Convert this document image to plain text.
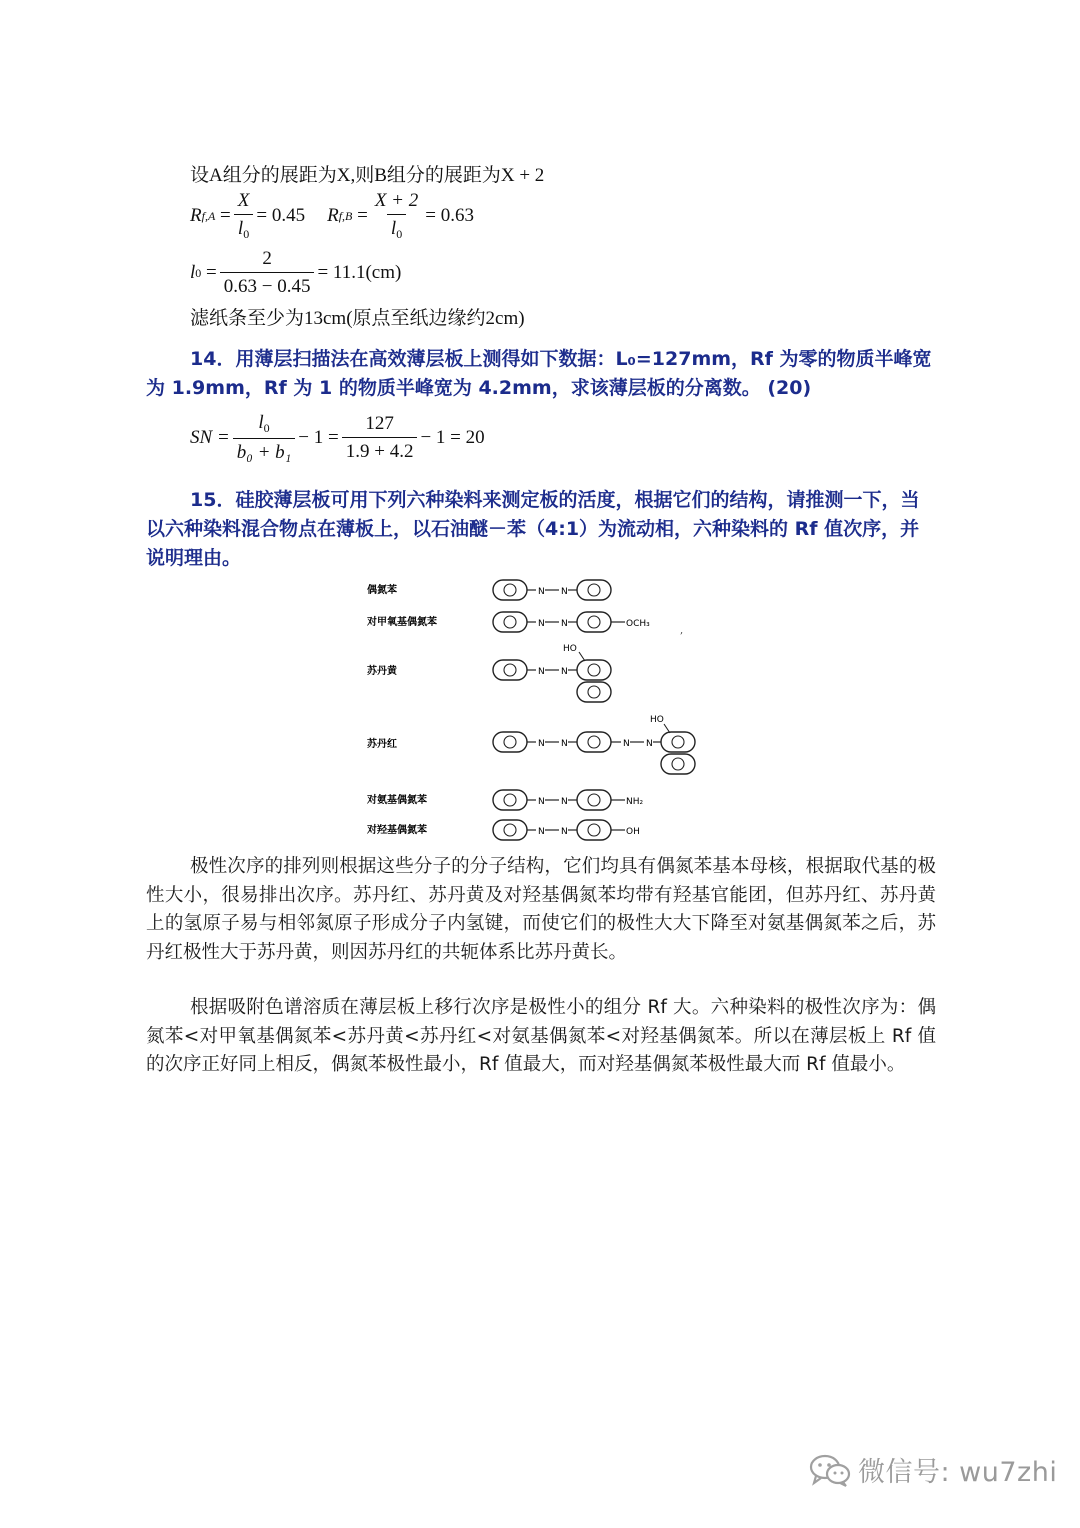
设A组分的展距为X,则B组分的展距为X + 2
R $f,A = \frac{X}{l_0} = 0.45$ R $f,B = \frac{X + 2}{l_0} = 0.63$
l $0 = \frac{2}{0.63 - 0.45} = 11.1(cm)$
滤纸条至少为13cm(原点至纸边缘约2cm)
14．用薄层扫描法在高效薄层板上测得如下数据：L₀=127mm，Rf 为零的物质半峰宽为 1.9mm，Rf 为 1 的物质半峰宽为 4.2mm，求该薄层板的分离数。 (20)
SN = $\frac{l_0}{\text{b₀ + b₁}} - 1 = \frac{127}{1.9 + 4.2} - 1 = 20$
15．硅胶薄层板可用下列六种染料来测定板的活度，根据它们的结构，请推测一下，当以六种染料混合物点在薄板上，以石油醚－苯（4:1）为流动相，六种染料的 Rf 值次序，并说明理由。
偶氮苯
对甲氧基偶氮苯
苏丹黄
苏丹红
对氨基偶氮苯
对羟基偶氮苯
N N
N N	OCH₃
,
N N
HO
N N	N N
HO
N N	NH₂
N N	OH
极性次序的排列则根据这些分子的分子结构，它们均具有偶氮苯基本母核，根据取代基的极性大小，很易排出次序。苏丹红、苏丹黄及对羟基偶氮苯均带有羟基官能团，但苏丹红、苏丹黄上的氢原子易与相邻氮原子形成分子内氢键，而使它们的极性大大下降至对氨基偶氮苯之后，苏丹红极性大于苏丹黄，则因苏丹红的共轭体系比苏丹黄长。
根据吸附色谱溶质在薄层板上移行次序是极性小的组分 Rf 大。六种染料的极性次序为：偶氮苯<对甲氧基偶氮苯<苏丹黄<苏丹红<对氨基偶氮苯<对羟基偶氮苯。所以在薄层板上 Rf 值的次序正好同上相反，偶氮苯极性最小，Rf 值最大，而对羟基偶氮苯极性最大而 Rf 值最小。
微信号: wu7zhi
